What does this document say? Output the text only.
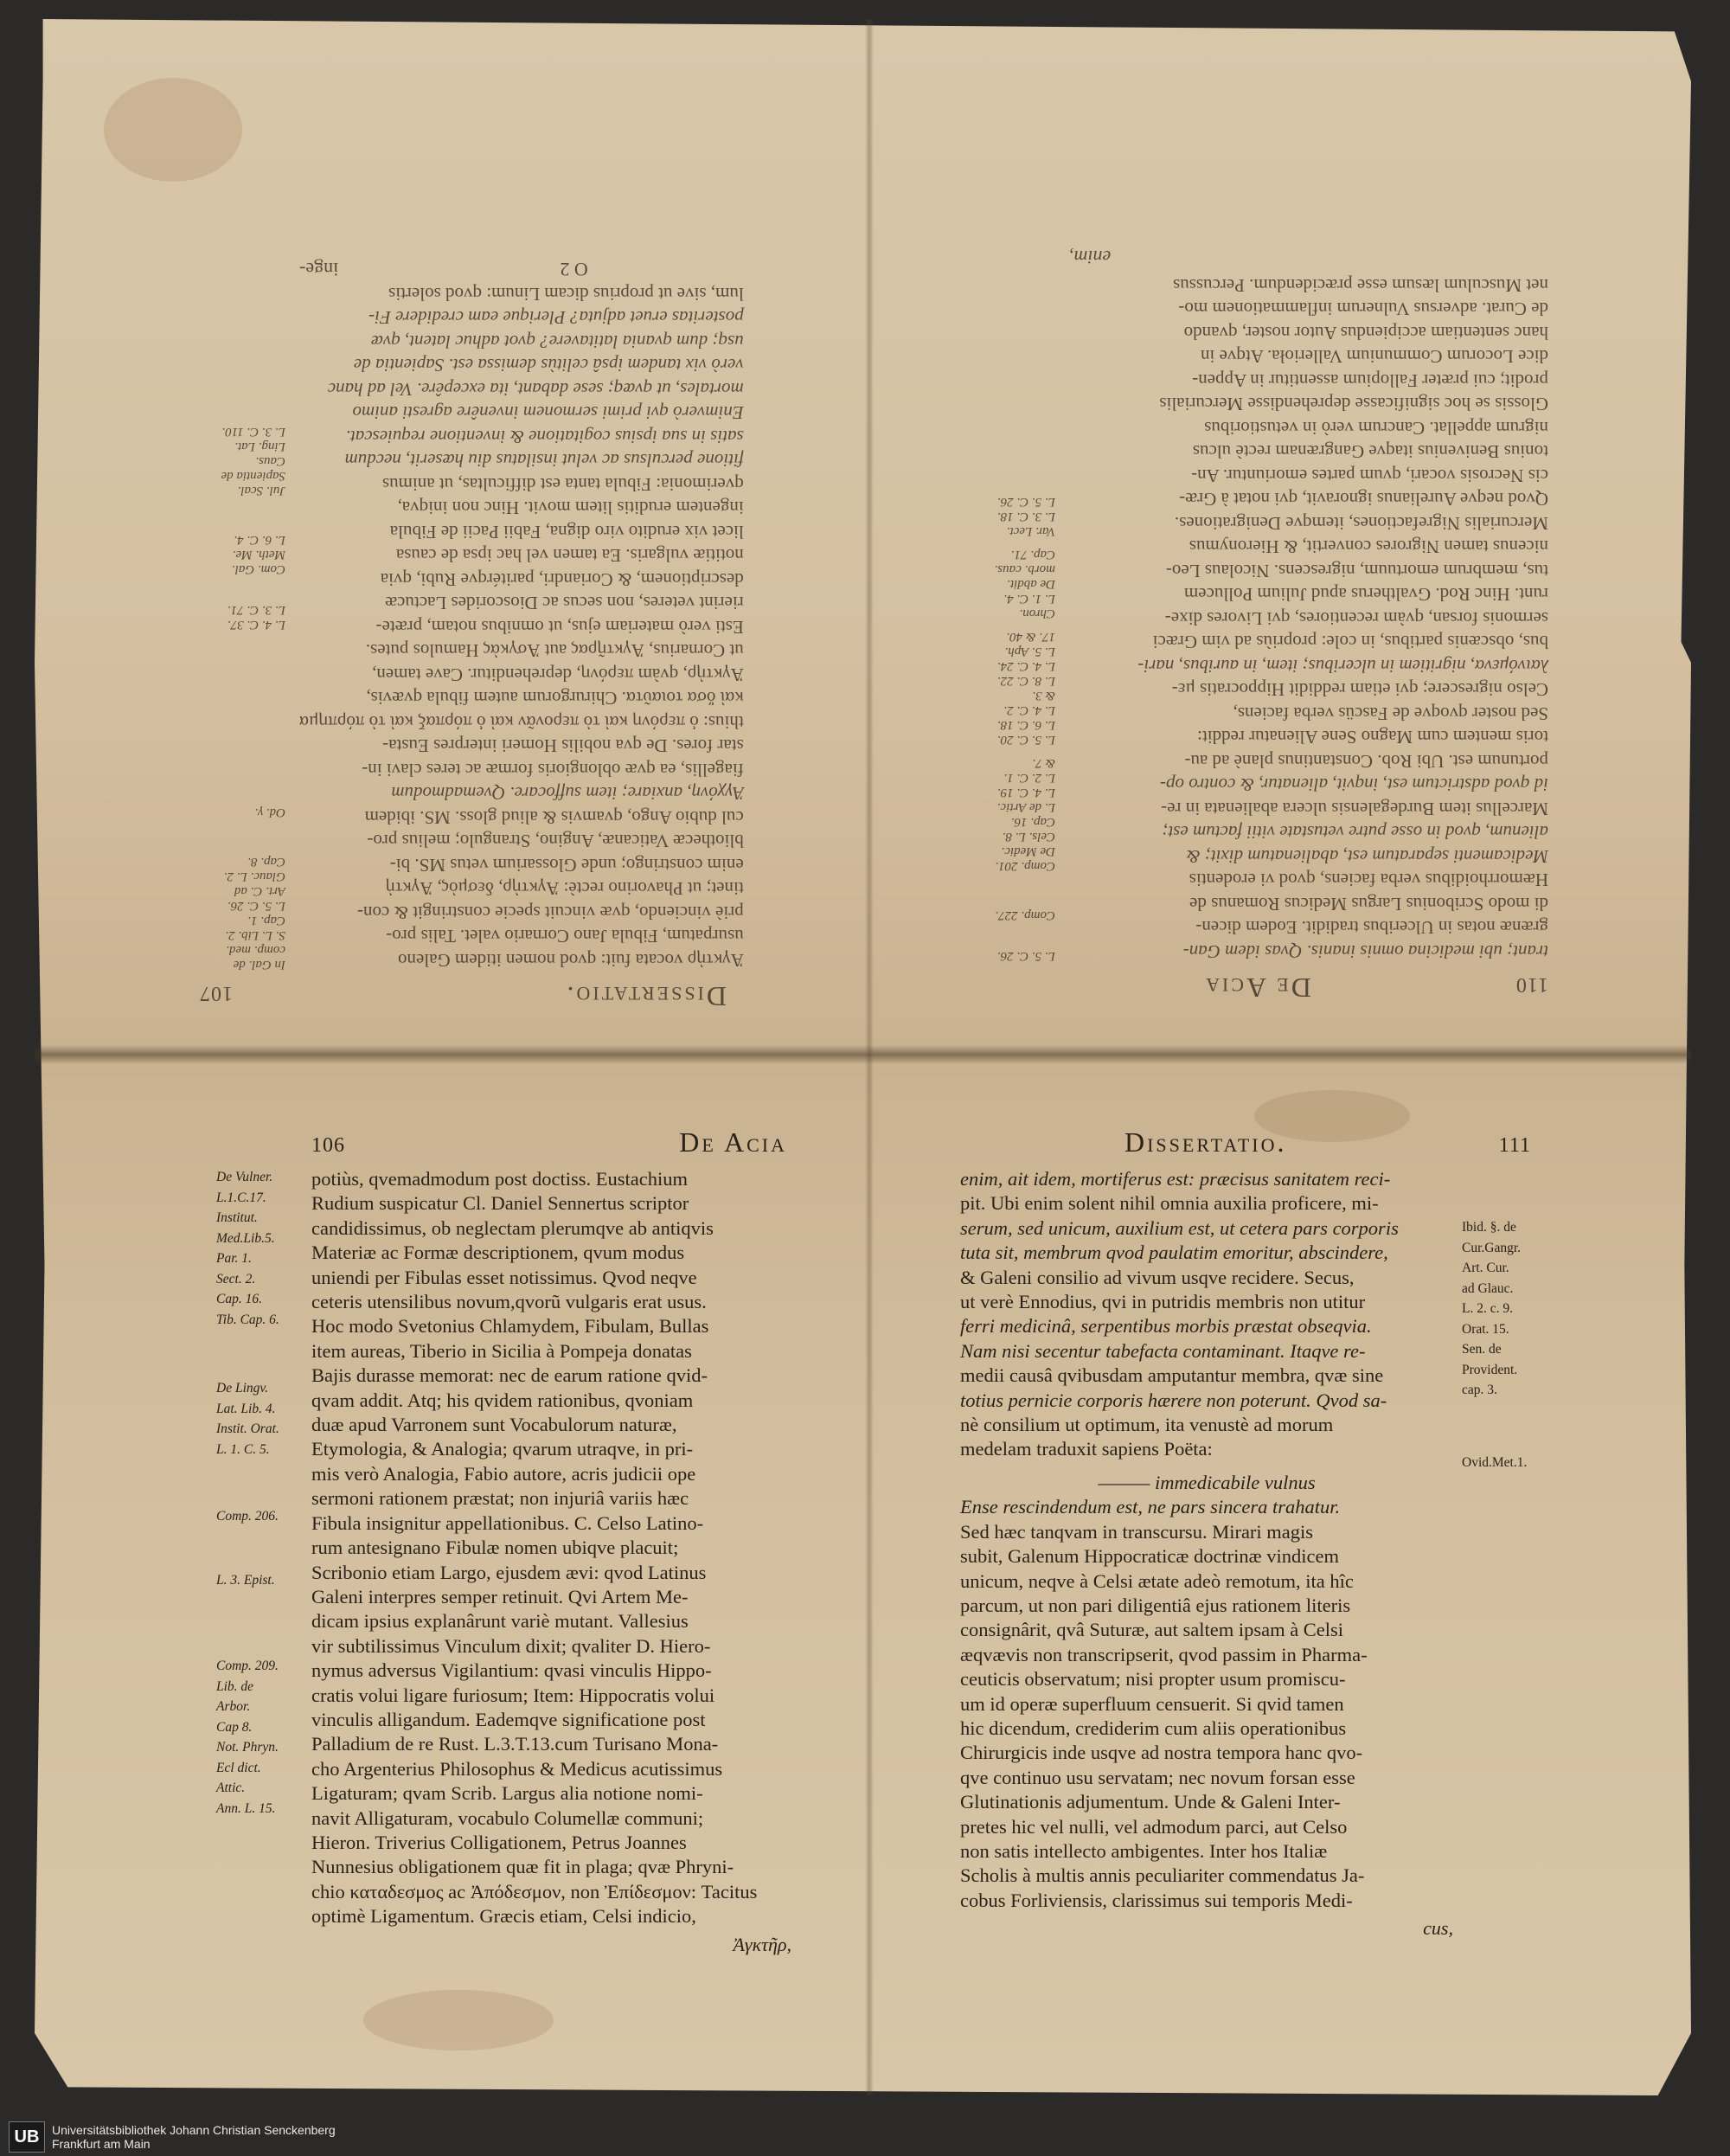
Dissertatio.
107
In Gal. de
comp. med.
S. L. Lib. 2.
Cap. 1.
L. 5. C. 26.
Art. C. ad
Glauc. L. 2.
Cap. 8.
Od. γ.
L. 4. C. 37.
L. 3. C. 71.
Com. Gal.
Meth. Me.
L. 6. C. 4.
Jul. Scal.
Sapientia de Caus.
Ling. Lat.
L. 3. C. 110.
Ἀγκτὴρ vocata fuit: qvod nomen itidem Galeno
usurpatum, Fibula Jano Cornario valet. Talis pro-
priè vinciendo, qvæ vincuit specie constringit & con-
tinet; ut Phavorino rectè: Ἀγκτὴρ, δεσμὸς, Ἀγκτὴ
enim constringo; unde Glossarium vetus MS. bi-
bliothecæ Vaticanæ, Angino, Strangulo; melius pro-
cul dubio Ango, qvamvis & aliud gloss. MS. ibidem
Ἀγχόνη, anxiare; item suffocare. Qvemadmodum
fiagellis, ea qvæ oblongioris formæ ac teres clavi in-
star fores. De qva nobilis Homeri interpres Eusta-
thius: ὁ περόνη καὶ τὸ περονᾶν καὶ ὁ πόρπαξ καὶ τὸ πόρπημα
καὶ ὅσα τοιαῦτα. Chirurgorum autem fibula qvævis,
Ἀγκτὴρ, qvàm περόνη, deprehenditur. Cave tamen,
ut Cornarius, Ἀγκτῆρας aut Ἀσγκὰς Hamulos putes.
Esti verò materiam ejus, ut omnibus notam, præte-
rierint veteres, non secus ac Dioscorides Lactucæ
descriptionem, & Coriandri, paritérqve Rubi, qvia
notitiæ vulgaris. Ea tamen vel hac ipsa de causa
licet vix erudito viro digna, Fabii Pacii de Fibula
ingentem eruditis litem movit. Hinc non iniqva,
qverimonia: Fibula tanta est difficultas, ut animus
fitione perculsus ac velut insilatus diu hæserit, necdum
satis in sua ipsius cogitatione & inventione requiescat.
Enimverò qvi primi sermonem invenêre agresti animo
mortales, ut qvæq; sese dabant, ita excepêre. Vel ad hanc
verò vix tandem ipsâ celitùs demissa est. Sapientia de
usq; dum qvania latitavere? qvot adhuc latent, qvæ
posteritas eruet adjuta? Plerique eam credidere Fi-
lum, sive ut proprius dicam Linum: qvod solertis
O 2
inge-
110
De Acia
trant; ubi medicina omnis inanis. Qvas idem Gan-
grænæ notas in Ulceribus tradidit. Eodem dicen-
di modo Scribonius Largus Medicus Romanus de
Hæmorrhoidibus verba faciens, qvod vi erodentis
Medicamenti separatum est, abalienatum dixit; &
alienum, qvod in osse putre vetustate vitii factum est;
Marcellus item Burdegalensis ulcera abalienata in re-
id qvod adstrictum est, inqvit, alienatur, & contro op-
portunum est. Ubi Rob. Constantinus planè ad au-
toris mentem cum Magno Sene Alienatur reddit:
Sed noster qvoqve de Fascüs verba faciens,
Celso nigrescere; qvi etiam reddidit Hippocratis με-
λαινόμενα, nigritiem in ulceribus; item, in auribus, nari-
bus, obscænis partibus, in cole: propriùs ad vim Græci
sermonis forsan, qvàm recentiores, qvi Livores dixe-
runt. Hinc Rod. Gvaltherus apud Julium Pollucem
tus, membrum emortuum, nigrescens. Nicolaus Leo-
nicenus tamen Nigrores convertit, & Hieronymus
Mercurialis Nigrefactiones, itemqve Denigrationes.
Qvod neqve Aurelianus ignoravit, qvi notat à Græ-
cis Necrosis vocari, qvum partes emoriuntur. An-
tonius Benivenius itaqve Gangrænam rectè ulcus
nigrum appellat. Cancrum verò in vetustioribus
Glossis se hoc significasse deprehendisse Mercurialis
prodit; cui præter Fallopium assentitur in Appen-
dice Locorum Communium Vallerioła. Atqve in
hanc sententiam accipiendus Autor noster, qvando
de Curat. adversus Vulnerum inflammationem mo-
net Musculum læsum esse præcidendum. Percussus
enim,
L. 5. C. 26.
Comp. 227.
Comp. 201.
De Medic.
Cels. L. 8.
Cap. 16.
L. de Artic.
L. 4. C. 19.
L. 2. C. 1.
& 7.
L. 5. C. 20.
L. 6. C. 18.
L. 4. C. 2.
& 3.
L. 8. C. 22.
L. 4. C. 24.
L. 5. Aph.
17. & 40.
Chron.
L. 1. C. 4.
De abdit.
morb. caus.
Cap. 71.
Var. Lect.
L. 3. C. 18.
L. 5. C. 26.
106	De Acia
De Vulner.
L.1.C.17.
Institut.
Med.Lib.5.
Par. 1.
Sect. 2.
Cap. 16.
Tib. Cap. 6.
De Lingv.
Lat. Lib. 4.
Instit. Orat.
L. 1. C. 5.
Comp. 206.
L. 3. Epist.
Comp. 209.
Lib. de
Arbor.
Cap 8.
Not. Phryn.
Ecl dict.
Attic.
Ann. L. 15.
potiùs, qvemadmodum post doctiss. Eustachium
Rudium suspicatur Cl. Daniel Sennertus scriptor
candidissimus, ob neglectam plerumqve ab antiqvis
Materiæ ac Formæ descriptionem, qvum modus
uniendi per Fibulas esset notissimus. Qvod neqve
ceteris utensilibus novum,qvorũ vulgaris erat usus.
Hoc modo Svetonius Chlamydem, Fibulam, Bullas
item aureas, Tiberio in Sicilia à Pompeja donatas
Bajis durasse memorat: nec de earum ratione qvid-
qvam addit. Atq; his qvidem rationibus, qvoniam
duæ apud Varronem sunt Vocabulorum naturæ,
Etymologia, & Analogia; qvarum utraqve, in pri-
mis verò Analogia, Fabio autore, acris judicii ope
sermoni rationem præstat; non injuriâ variis hæc
Fibula insignitur appellationibus. C. Celso Latino-
rum antesignano Fibulæ nomen ubiqve placuit;
Scribonio etiam Largo, ejusdem ævi: qvod Latinus
Galeni interpres semper retinuit. Qvi Artem Me-
dicam ipsius explanârunt variè mutant. Vallesius
vir subtilissimus Vinculum dixit; qvaliter D. Hiero-
nymus adversus Vigilantium: qvasi vinculis Hippo-
cratis volui ligare furiosum; Item: Hippocratis volui
vinculis alligandum. Eademqve significatione post
Palladium de re Rust. L.3.T.13.cum Turisano Mona-
cho Argenterius Philosophus & Medicus acutissimus
Ligaturam; qvam Scrib. Largus alia notione nomi-
navit Alligaturam, vocabulo Columellæ communi;
Hieron. Triverius Colligationem, Petrus Joannes
Nunnesius obligationem quæ fit in plaga; qvæ Phryni-
chio καταδεσμος ac Ἀπόδεσμον, non Ἐπίδεσμον: Tacitus
optimè Ligamentum. Græcis etiam, Celsi indicio,
Ἀγκτῆρ,
Dissertatio.	111
enim, ait idem, mortiferus est: præcisus sanitatem reci-
pit. Ubi enim solent nihil omnia auxilia proficere, mi-
serum, sed unicum, auxilium est, ut cetera pars corporis
tuta sit, membrum qvod paulatim emoritur, abscindere,
& Galeni consilio ad vivum usqve recidere. Secus,
ut verè Ennodius, qvi in putridis membris non utitur
ferri medicinâ, serpentibus morbis præstat obseqvia.
Nam nisi secentur tabefacta contaminant. Itaqve re-
medii causâ qvibusdam amputantur membra, qvæ sine
totius pernicie corporis hærere non poterunt. Qvod sa-
nè consilium ut optimum, ita venustè ad morum
medelam traduxit sapiens Poëta:
——— immedicabile vulnus
Ense rescindendum est, ne pars sincera trahatur.
Sed hæc tanqvam in transcursu. Mirari magis
subit, Galenum Hippocraticæ doctrinæ vindicem
unicum, neqve à Celsi ætate adeò remotum, ita hîc
parcum, ut non pari diligentiâ ejus rationem literis
consignârit, qvâ Suturæ, aut saltem ipsam à Celsi
æqvævis non transcripserit, qvod passim in Pharma-
ceuticis observatum; nisi propter usum promiscu-
um id operæ superfluum censuerit. Si qvid tamen
hic dicendum, crediderim cum aliis operationibus
Chirurgicis inde usqve ad nostra tempora hanc qvo-
qve continuo usu servatam; nec novum forsan esse
Glutinationis adjumentum. Unde & Galeni Inter-
pretes hic vel nulli, vel admodum parci, aut Celso
non satis intellecto ambigentes. Inter hos Italiæ
Scholis à multis annis peculiariter commendatus Ja-
cobus Forliviensis, clarissimus sui temporis Medi-
cus,
Ibid. §. de
Cur.Gangr.
Art. Cur.
ad Glauc.
L. 2. c. 9.
Orat. 15.
Sen. de
Provident.
cap. 3.
Ovid.Met.1.
UB	Universitätsbibliothek Johann Christian Senckenberg
Frankfurt am Main
